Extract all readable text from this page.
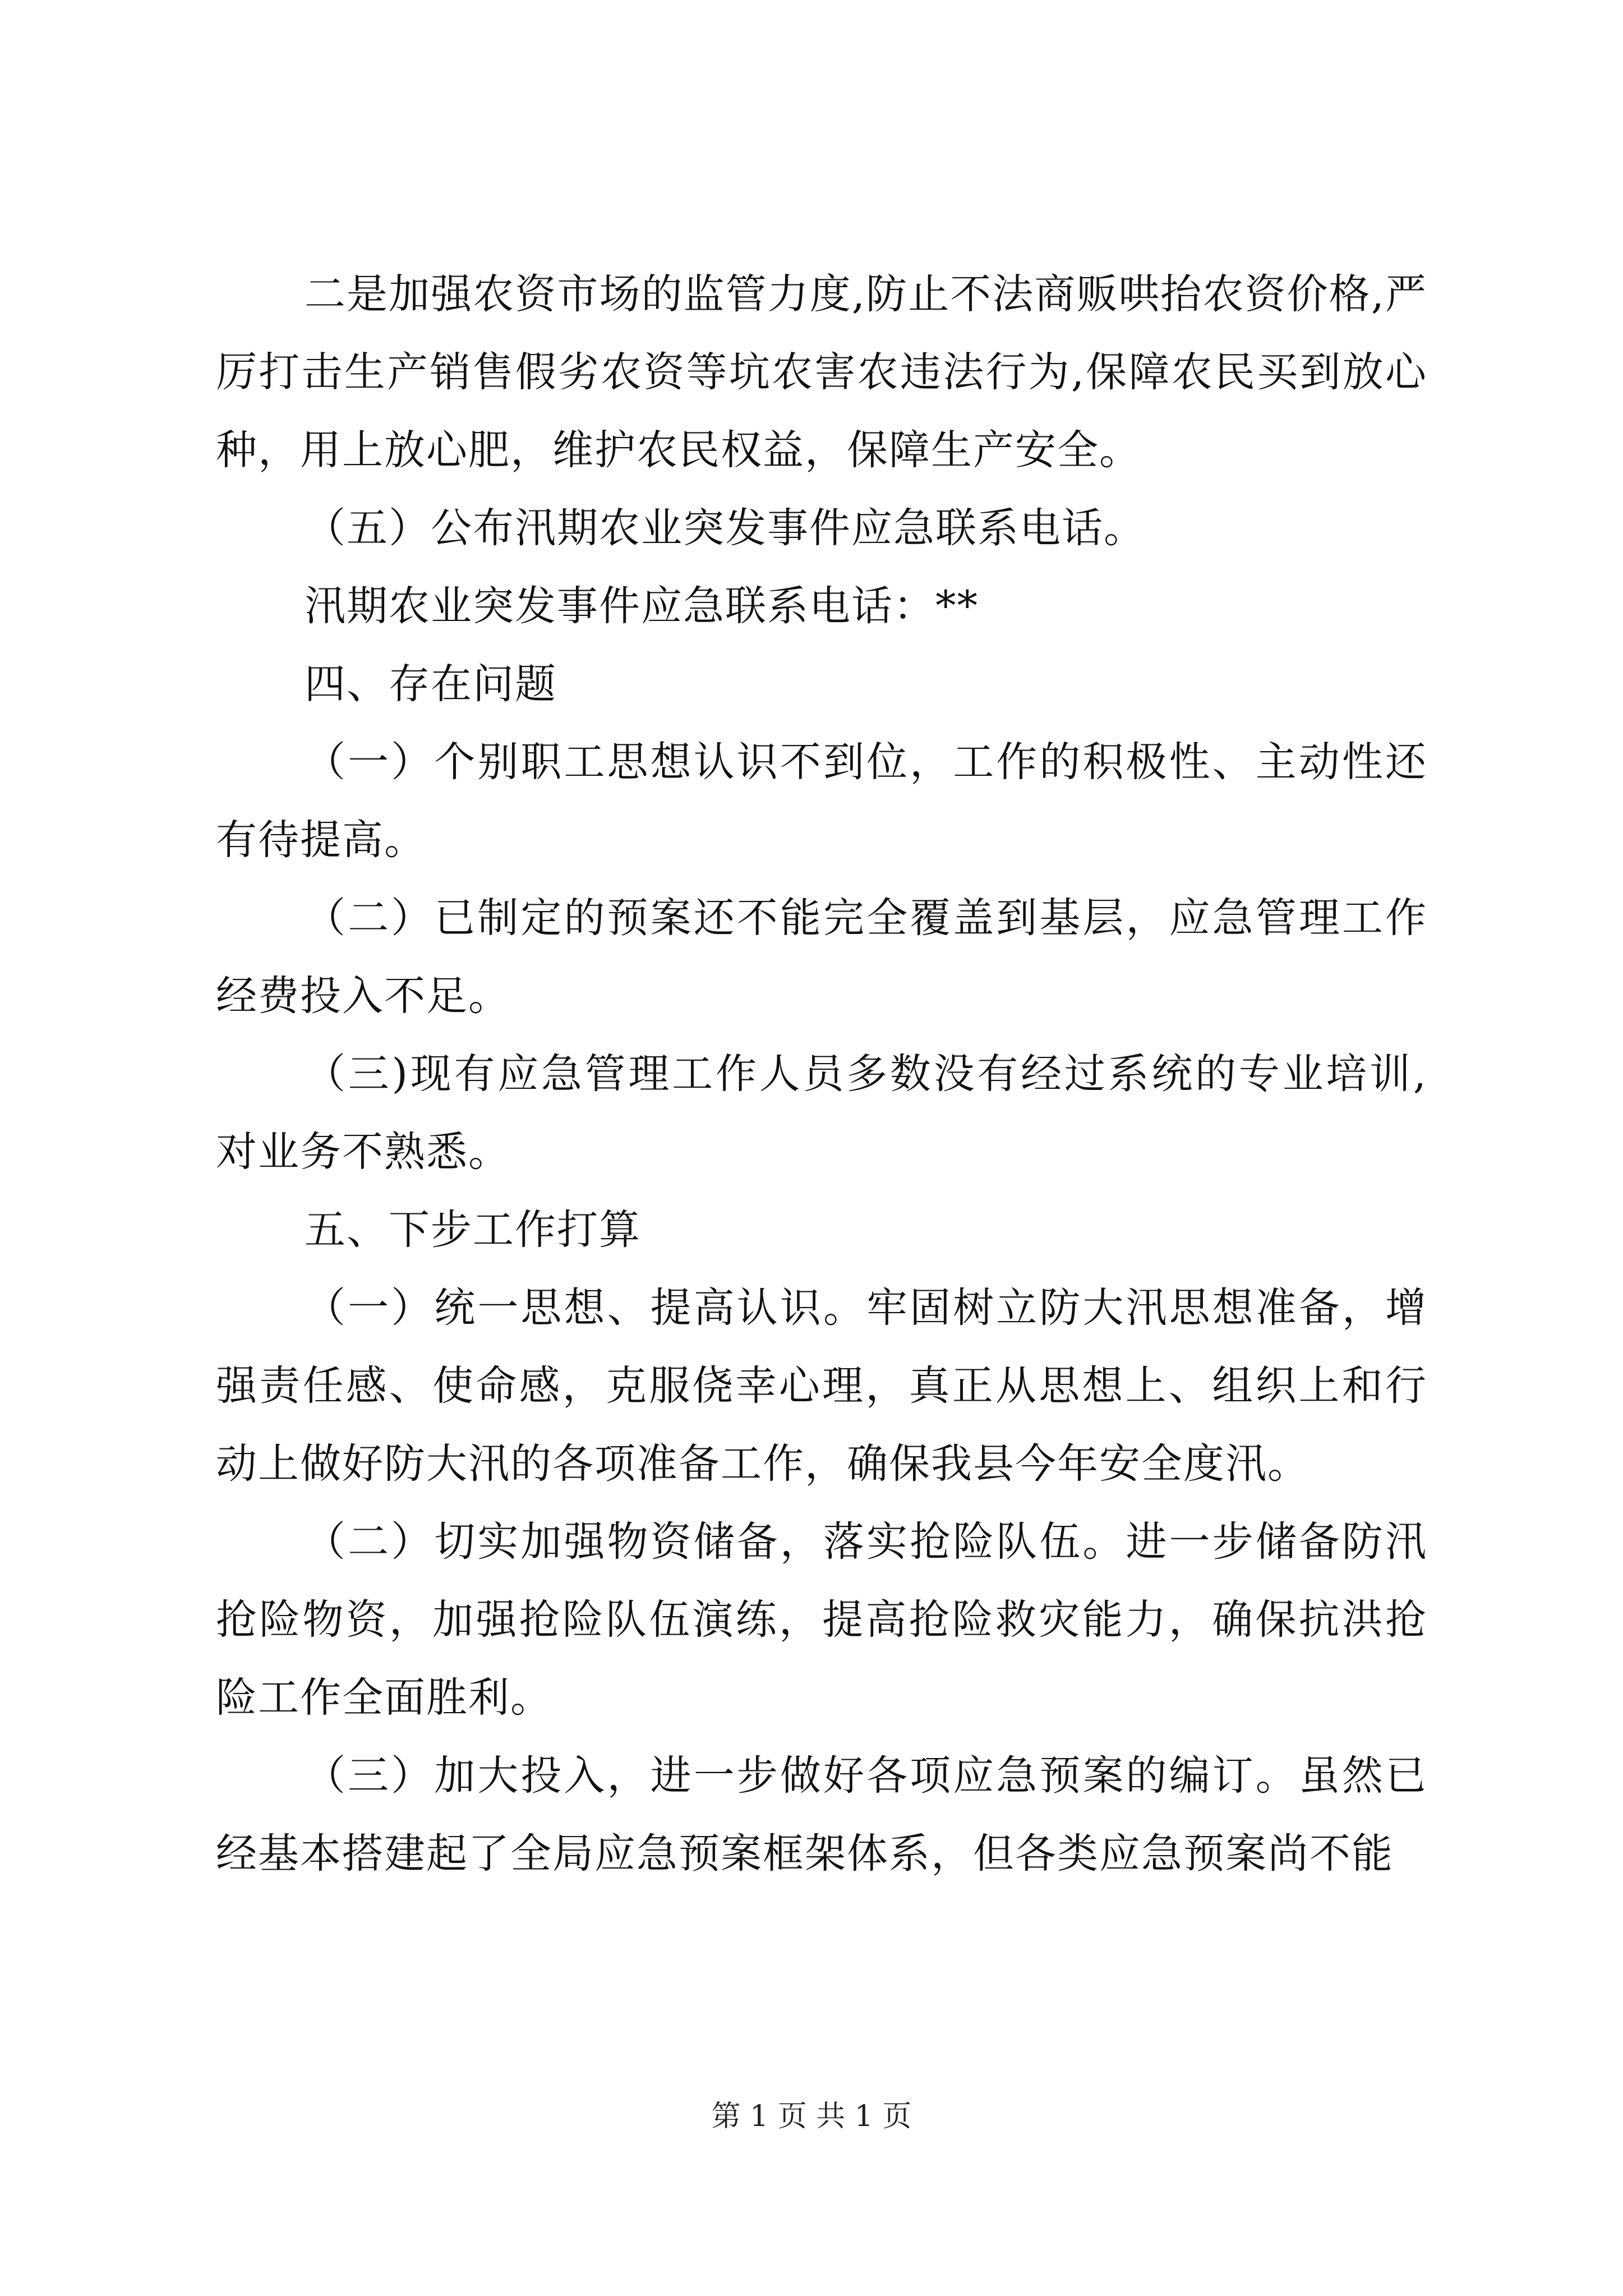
二是加强农资市场的监管力度,防止不法商贩哄抬农资价格,严厉打击生产销售假劣农资等坑农害农违法行为,保障农民买到放心种，用上放心肥，维护农民权益，保障生产安全。

（五）公布汛期农业突发事件应急联系电话。

汛期农业突发事件应急联系电话：**

四、存在问题

（一）个别职工思想认识不到位，工作的积极性、主动性还有待提高。

（二）已制定的预案还不能完全覆盖到基层，应急管理工作经费投入不足。

（三)现有应急管理工作人员多数没有经过系统的专业培训,对业务不熟悉。

五、下步工作打算

（一）统一思想、提高认识。牢固树立防大汛思想准备，增强责任感、使命感，克服侥幸心理，真正从思想上、组织上和行动上做好防大汛的各项准备工作，确保我县今年安全度汛。

（二）切实加强物资储备，落实抢险队伍。进一步储备防汛抢险物资，加强抢险队伍演练，提高抢险救灾能力，确保抗洪抢险工作全面胜利。

（三）加大投入，进一步做好各项应急预案的编订。虽然已经基本搭建起了全局应急预案框架体系，但各类应急预案尚不能

第 1 页 共 1 页
